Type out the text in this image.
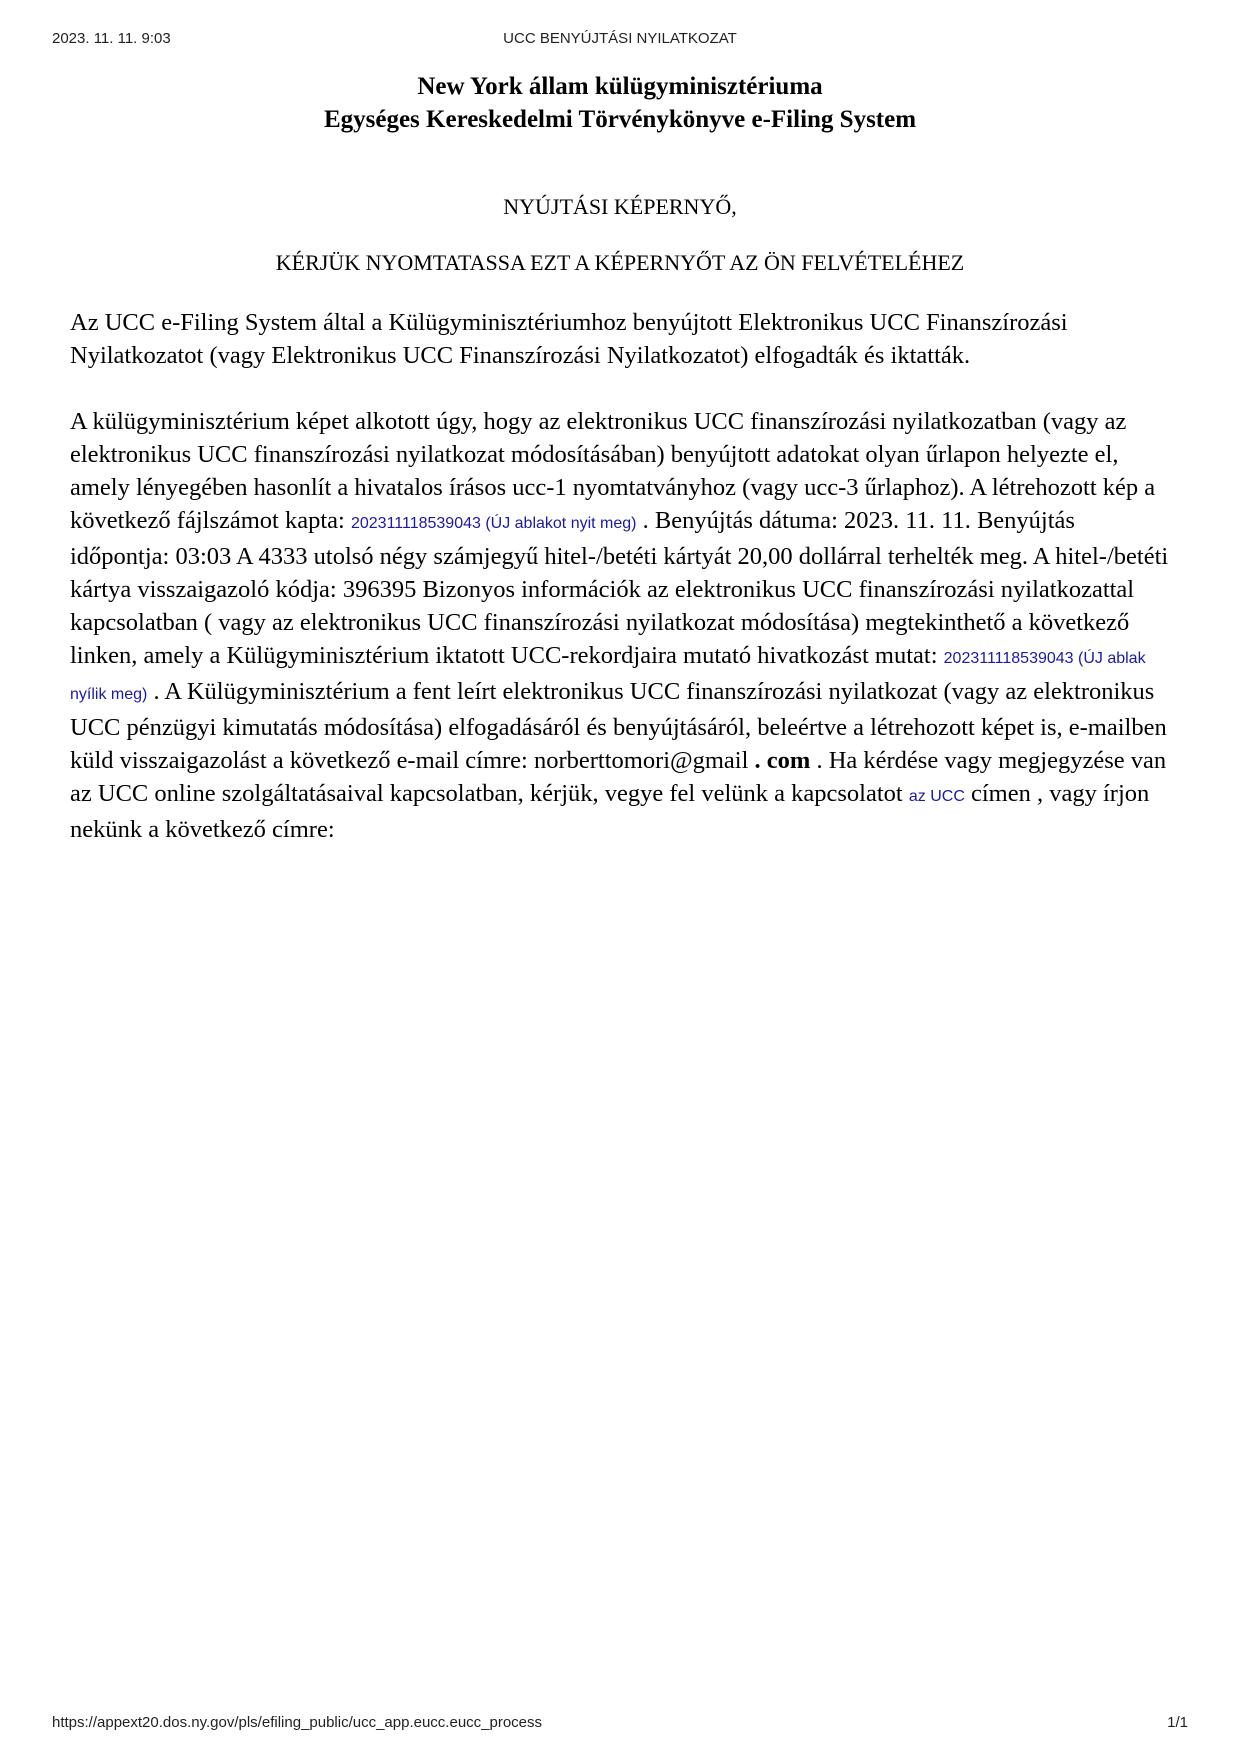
2023. 11. 11. 9:03	UCC BENYÚJTÁSI NYILATKOZAT
New York állam külügyminisztériuma
Egységes Kereskedelmi Törvénykönyve e-Filing System
NYÚJTÁSI KÉPERNYŐ,
KÉRJÜK NYOMTATASSA EZT A KÉPERNYŐT AZ ÖN FELVÉTELÉHEZ

Az UCC e-Filing System által a Külügyminisztériumhoz benyújtott Elektronikus UCC Finanszírozási Nyilatkozatot (vagy Elektronikus UCC Finanszírozási Nyilatkozatot) elfogadták és iktatták.

A külügyminisztérium képet alkotott úgy, hogy az elektronikus UCC finanszírozási nyilatkozatban (vagy az elektronikus UCC finanszírozási nyilatkozat módosításában) benyújtott adatokat olyan űrlapon helyezte el, amely lényegében hasonlít a hivatalos írásos ucc-1 nyomtatványhoz (vagy ucc-3 űrlaphoz). A létrehozott kép a következő fájlszámot kapta: 202311118539043 (ÚJ ablakot nyit meg) . Benyújtás dátuma: 2023. 11. 11. Benyújtás időpontja: 03:03 A 4333 utolsó négy számjegyű hitel-/betéti kártyát 20,00 dollárral terhelték meg. A hitel-/betéti kártya visszaigazoló kódja: 396395 Bizonyos információk az elektronikus UCC finanszírozási nyilatkozattal kapcsolatban ( vagy az elektronikus UCC finanszírozási nyilatkozat módosítása) megtekinthető a következő linken, amely a Külügyminisztérium iktatott UCC-rekordjaira mutató hivatkozást mutat: 202311118539043 (ÚJ ablak nyílik meg) . A Külügyminisztérium a fent leírt elektronikus UCC finanszírozási nyilatkozat (vagy az elektronikus UCC pénzügyi kimutatás módosítása) elfogadásáról és benyújtásáról, beleértve a létrehozott képet is, e-mailben küld visszaigazolást a következő e-mail címre: norberttomori@gmail . com . Ha kérdése vagy megjegyzése van az UCC online szolgáltatásaival kapcsolatban, kérjük, vegye fel velünk a kapcsolatot az UCC címen , vagy írjon nekünk a következő címre:

https://appext20.dos.ny.gov/pls/efiling_public/ucc_app.eucc.eucc_process	1/1
